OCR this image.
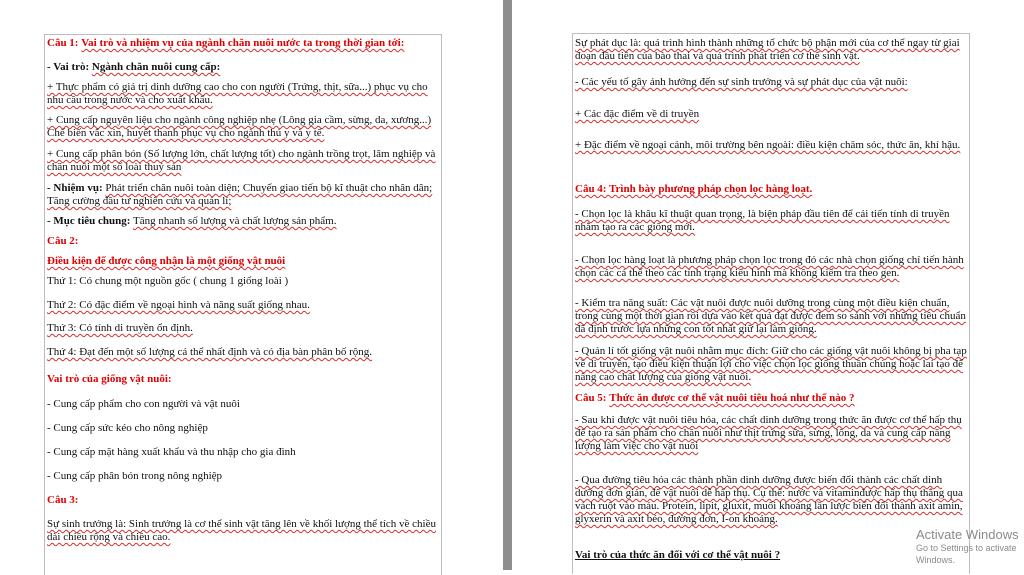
Câu 1: Vai trò và nhiệm vụ của ngành chăn nuôi nước ta trong thời gian tới:

- Vai trò: Ngành chăn nuôi cung cấp:

+ Thực phẩm có giá trị dinh dưỡng cao cho con người (Trứng, thịt, sữa...) phục vụ cho nhu cầu trong nước và cho xuất khẩu.

+ Cung cấp nguyên liệu cho ngành công nghiệp nhẹ (Lông gia cầm, sừng, da, xương...) Chế biến vắc xin, huyết thanh phục vụ cho ngành thú y và y tế.

+ Cung cấp phân bón (Số lượng lớn, chất lượng tốt) cho ngành trồng trọt, lâm nghiệp và chăn nuôi một số loài thuỷ sản

- Nhiệm vụ: Phát triển chăn nuôi toàn diện; Chuyển giao tiến bộ kĩ thuật cho nhân dân; Tăng cường đầu tư nghiên cứu và quản lí;

- Mục tiêu chung: Tăng nhanh số lượng và chất lượng sản phẩm.

Câu 2:

Điều kiện để được công nhận là một giống vật nuôi

Thứ 1: Có chung một nguồn gốc ( chung 1 giống loài )

Thứ 2: Có đặc điểm về ngoại hình và năng suất giống nhau.

Thứ 3: Có tính di truyền ổn định.

Thứ 4: Đạt đến một số lượng cá thể nhất định và có địa bàn phân bố rộng.

Vai trò của giống vật nuôi:

- Cung cấp phẩm cho con người và vật nuôi

- Cung cấp sức kéo cho nông nghiệp

- Cung cấp mặt hàng xuất khẩu và thu nhập cho gia đình

- Cung cấp phân bón trong nông nghiệp

Câu 3:

Sự sinh trưởng là: Sinh trưởng là cơ thể sinh vật tăng lên về khối lượng thể tích về chiều dài chiều rộng và chiều cao.

Sự phát dục là: quá trình hình thành những tổ chức bộ phận mới của cơ thể ngay từ giai đoạn đầu tiên của bào thai và quá trình phát triển cơ thể sinh vật.

- Các yếu tố gây ảnh hưởng đến sự sinh trưởng và sự phát dục của vật nuôi:

+ Các đặc điểm về di truyền

+ Đặc điểm về ngoại cảnh, môi trường bên ngoài: điều kiện chăm sóc, thức ăn, khí hậu.

Câu 4: Trình bày phương pháp chọn lọc hàng loạt.

- Chọn lọc là khâu kĩ thuật quan trọng, là biện pháp đầu tiên để cải tiến tính di truyền nhằm tạo ra các giống mới.

- Chọn lọc hàng loạt là phương pháp chọn lọc trong đó các nhà chọn giống chỉ tiến hành chọn các cá thể theo các tính trạng kiểu hình mà không kiểm tra theo gen.

- Kiểm tra năng suất: Các vật nuôi được nuôi dưỡng trong cùng một điều kiện chuẩn, trong cùng một thời gian rồi dựa vào kết quả đạt được đem so sánh với những tiêu chuẩn đã định trước lựa những con tốt nhất giữ lại làm giống.

- Quản lí tốt giống vật nuôi nhằm mục đích: Giữ cho các giống vật nuôi không bị pha tạp về di truyền, tạo điều kiện thuận lợi cho việc chọn lọc giống thuần chủng hoặc lai tạo để nâng cao chất lượng của giống vật nuôi.

Câu 5: Thức ăn được cơ thể vật nuôi tiêu hoá như thế nào ?

- Sau khi được vật nuôi tiêu hóa, các chất dinh dưỡng trong thức ăn được cơ thể hấp thụ để tạo ra sản phẩm cho chăn nuôi như thịt trứng sữa, sừng, lông, da và cung cấp năng lượng làm việc cho vật nuôi

- Qua đường tiêu hóa các thành phần dinh dưỡng được biến đổi thành các chất dinh dưỡng đơn giản, để vật nuôi dễ hấp thụ. Cụ thể: nước và vitaminđược hấp thụ thẳng qua vách ruột vào máu. Protein, lipit, gluxit, muối khoáng lần lược biến đổi thành axit amin, glyxerin và axit béo, đường đơn, I-on khoáng.

Vai trò của thức ăn đối với cơ thể vật nuôi ?

Activate Windows
Go to Settings to activate Windows.
